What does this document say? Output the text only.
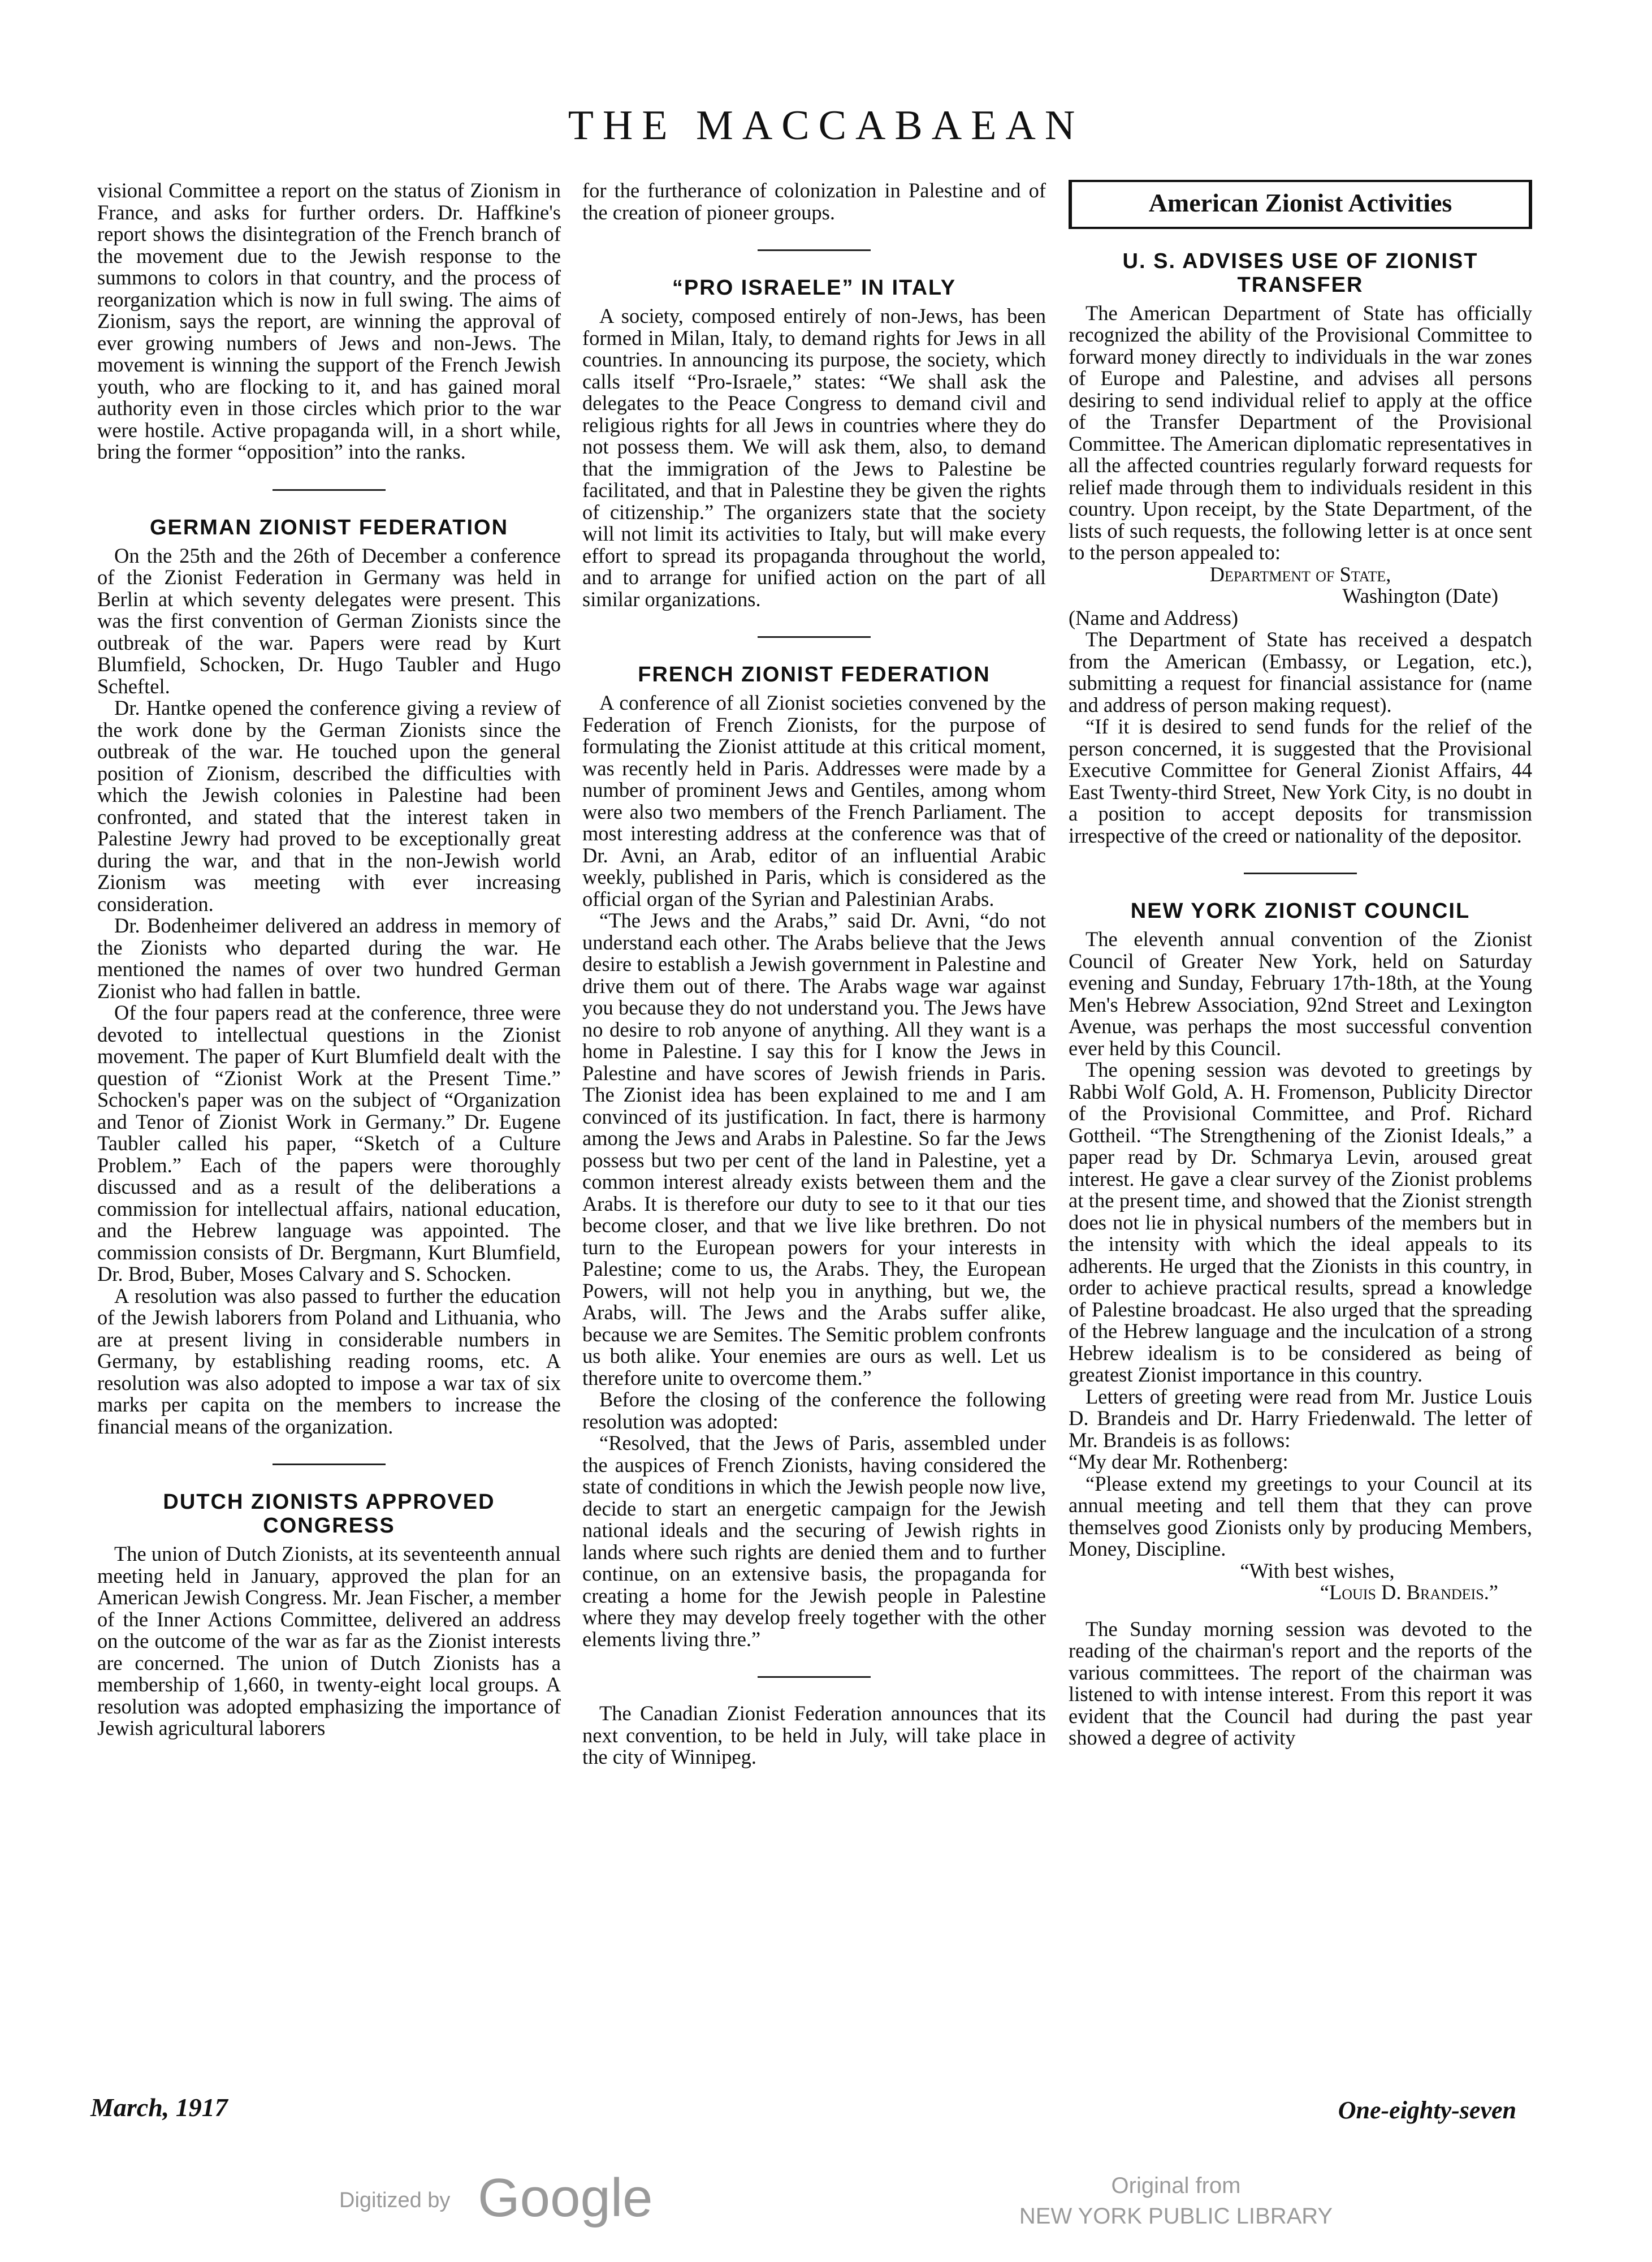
THE MACCABAEAN

visional Committee a report on the status of Zionism in France, and asks for further orders. Dr. Haffkine's report shows the disintegration of the French branch of the movement due to the Jewish response to the summons to colors in that country, and the process of reorganization which is now in full swing. The aims of Zionism, says the report, are winning the approval of ever growing numbers of Jews and non-Jews. The movement is winning the support of the French Jewish youth, who are flocking to it, and has gained moral authority even in those circles which prior to the war were hostile. Active propaganda will, in a short while, bring the former “opposition” into the ranks.

GERMAN ZIONIST FEDERATION

On the 25th and the 26th of December a conference of the Zionist Federation in Germany was held in Berlin at which seventy delegates were present. This was the first convention of German Zionists since the outbreak of the war. Papers were read by Kurt Blumfield, Schocken, Dr. Hugo Taubler and Hugo Scheftel.

Dr. Hantke opened the conference giving a review of the work done by the German Zionists since the outbreak of the war. He touched upon the general position of Zionism, described the difficulties with which the Jewish colonies in Palestine had been confronted, and stated that the interest taken in Palestine Jewry had proved to be exceptionally great during the war, and that in the non-Jewish world Zionism was meeting with ever increasing consideration.

Dr. Bodenheimer delivered an address in memory of the Zionists who departed during the war. He mentioned the names of over two hundred German Zionist who had fallen in battle.

Of the four papers read at the conference, three were devoted to intellectual questions in the Zionist movement. The paper of Kurt Blumfield dealt with the question of “Zionist Work at the Present Time.” Schocken's paper was on the subject of “Organization and Tenor of Zionist Work in Germany.” Dr. Eugene Taubler called his paper, “Sketch of a Culture Problem.” Each of the papers were thoroughly discussed and as a result of the deliberations a commission for intellectual affairs, national education, and the Hebrew language was appointed. The commission consists of Dr. Bergmann, Kurt Blumfield, Dr. Brod, Buber, Moses Calvary and S. Schocken.

A resolution was also passed to further the education of the Jewish laborers from Poland and Lithuania, who are at present living in considerable numbers in Germany, by establishing reading rooms, etc. A resolution was also adopted to impose a war tax of six marks per capita on the members to increase the financial means of the organization.

DUTCH ZIONISTS APPROVED CONGRESS

The union of Dutch Zionists, at its seventeenth annual meeting held in January, approved the plan for an American Jewish Congress. Mr. Jean Fischer, a member of the Inner Actions Committee, delivered an address on the outcome of the war as far as the Zionist interests are concerned. The union of Dutch Zionists has a membership of 1,660, in twenty-eight local groups. A resolution was adopted emphasizing the importance of Jewish agricultural laborers

for the furtherance of colonization in Palestine and of the creation of pioneer groups.

“PRO ISRAELE” IN ITALY

A society, composed entirely of non-Jews, has been formed in Milan, Italy, to demand rights for Jews in all countries. In announcing its purpose, the society, which calls itself “Pro-Israele,” states: “We shall ask the delegates to the Peace Congress to demand civil and religious rights for all Jews in countries where they do not possess them. We will ask them, also, to demand that the immigration of the Jews to Palestine be facilitated, and that in Palestine they be given the rights of citizenship.” The organizers state that the society will not limit its activities to Italy, but will make every effort to spread its propaganda throughout the world, and to arrange for unified action on the part of all similar organizations.

FRENCH ZIONIST FEDERATION

A conference of all Zionist societies convened by the Federation of French Zionists, for the purpose of formulating the Zionist attitude at this critical moment, was recently held in Paris. Addresses were made by a number of prominent Jews and Gentiles, among whom were also two members of the French Parliament. The most interesting address at the conference was that of Dr. Avni, an Arab, editor of an influential Arabic weekly, published in Paris, which is considered as the official organ of the Syrian and Palestinian Arabs.

“The Jews and the Arabs,” said Dr. Avni, “do not understand each other. The Arabs believe that the Jews desire to establish a Jewish government in Palestine and drive them out of there. The Arabs wage war against you because they do not understand you. The Jews have no desire to rob anyone of anything. All they want is a home in Palestine. I say this for I know the Jews in Palestine and have scores of Jewish friends in Paris. The Zionist idea has been explained to me and I am convinced of its justification. In fact, there is harmony among the Jews and Arabs in Palestine. So far the Jews possess but two per cent of the land in Palestine, yet a common interest already exists between them and the Arabs. It is therefore our duty to see to it that our ties become closer, and that we live like brethren. Do not turn to the European powers for your interests in Palestine; come to us, the Arabs. They, the European Powers, will not help you in anything, but we, the Arabs, will. The Jews and the Arabs suffer alike, because we are Semites. The Semitic problem confronts us both alike. Your enemies are ours as well. Let us therefore unite to overcome them.”

Before the closing of the conference the following resolution was adopted:

“Resolved, that the Jews of Paris, assembled under the auspices of French Zionists, having considered the state of conditions in which the Jewish people now live, decide to start an energetic campaign for the Jewish national ideals and the securing of Jewish rights in lands where such rights are denied them and to further continue, on an extensive basis, the propaganda for creating a home for the Jewish people in Palestine where they may develop freely together with the other elements living thre.”

The Canadian Zionist Federation announces that its next convention, to be held in July, will take place in the city of Winnipeg.

American Zionist Activities
U. S. ADVISES USE OF ZIONIST TRANSFER

The American Department of State has officially recognized the ability of the Provisional Committee to forward money directly to individuals in the war zones of Europe and Palestine, and advises all persons desiring to send individual relief to apply at the office of the Transfer Department of the Provisional Committee. The American diplomatic representatives in all the affected countries regularly forward requests for relief made through them to individuals resident in this country. Upon receipt, by the State Department, of the lists of such requests, the following letter is at once sent to the person appealed to:

Department of State,

Washington (Date)

(Name and Address)

The Department of State has received a despatch from the American (Embassy, or Legation, etc.), submitting a request for financial assistance for (name and address of person making request).

“If it is desired to send funds for the relief of the person concerned, it is suggested that the Provisional Executive Committee for General Zionist Affairs, 44 East Twenty-third Street, New York City, is no doubt in a position to accept deposits for transmission irrespective of the creed or nationality of the depositor.

NEW YORK ZIONIST COUNCIL

The eleventh annual convention of the Zionist Council of Greater New York, held on Saturday evening and Sunday, February 17th-18th, at the Young Men's Hebrew Association, 92nd Street and Lexington Avenue, was perhaps the most successful convention ever held by this Council.

The opening session was devoted to greetings by Rabbi Wolf Gold, A. H. Fromenson, Publicity Director of the Provisional Committee, and Prof. Richard Gottheil. “The Strengthening of the Zionist Ideals,” a paper read by Dr. Schmarya Levin, aroused great interest. He gave a clear survey of the Zionist problems at the present time, and showed that the Zionist strength does not lie in physical numbers of the members but in the intensity with which the ideal appeals to its adherents. He urged that the Zionists in this country, in order to achieve practical results, spread a knowledge of Palestine broadcast. He also urged that the spreading of the Hebrew language and the inculcation of a strong Hebrew idealism is to be considered as being of greatest Zionist importance in this country.

Letters of greeting were read from Mr. Justice Louis D. Brandeis and Dr. Harry Friedenwald. The letter of Mr. Brandeis is as follows:

“My dear Mr. Rothenberg:

“Please extend my greetings to your Council at its annual meeting and tell them that they can prove themselves good Zionists only by producing Members, Money, Discipline.

“With best wishes,

“Louis D. Brandeis.”

The Sunday morning session was devoted to the reading of the chairman's report and the reports of the various committees. The report of the chairman was listened to with intense interest. From this report it was evident that the Council had during the past year showed a degree of activity

March, 1917	One-eighty-seven
Digitized by Google	Original from
NEW YORK PUBLIC LIBRARY
